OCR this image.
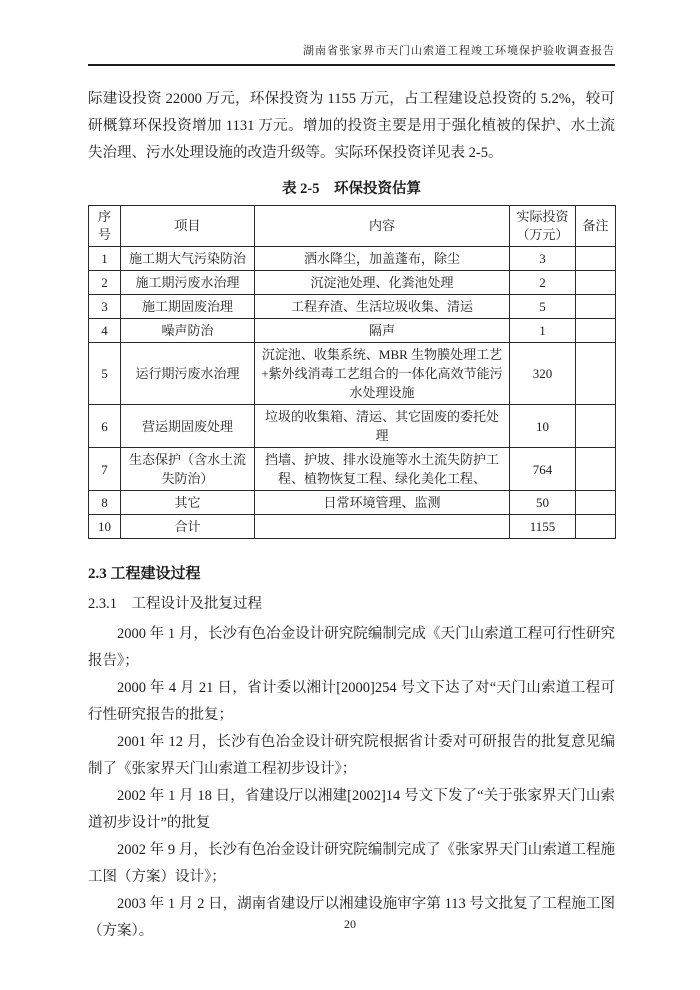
湖南省张家界市天门山索道工程竣工环境保护验收调查报告

际建设投资 22000 万元，环保投资为 1155 万元，占工程建设总投资的 5.2%，较可研概算环保投资增加 1131 万元。增加的投资主要是用于强化植被的保护、水土流失治理、污水处理设施的改造升级等。实际环保投资详见表 2-5。

表 2-5　环保投资估算
序号	项目	内容	实际投资（万元）	备注
1	施工期大气污染防治	洒水降尘，加盖蓬布，除尘	3	
2	施工期污废水治理	沉淀池处理、化粪池处理	2	
3	施工期固废治理	工程弃渣、生活垃圾收集、清运	5	
4	噪声防治	隔声	1	
5	运行期污废水治理	沉淀池、收集系统、MBR 生物膜处理工艺+紫外线消毒工艺组合的一体化高效节能污水处理设施	320	
6	营运期固废处理	垃圾的收集箱、清运、其它固废的委托处理	10	
7	生态保护（含水土流失防治）	挡墙、护坡、排水设施等水土流失防护工程、植物恢复工程、绿化美化工程、	764	
8	其它	日常环境管理、监测	50	
10	合计		1155	
2.3 工程建设过程
2.3.1　工程设计及批复过程

2000 年 1 月，长沙有色冶金设计研究院编制完成《天门山索道工程可行性研究报告》；

2000 年 4 月 21 日，省计委以湘计[2000]254 号文下达了对“天门山索道工程可行性研究报告的批复；

2001 年 12 月，长沙有色冶金设计研究院根据省计委对可研报告的批复意见编制了《张家界天门山索道工程初步设计》；

2002 年 1 月 18 日，省建设厅以湘建[2002]14 号文下发了“关于张家界天门山索道初步设计”的批复

2002 年 9 月，长沙有色冶金设计研究院编制完成了《张家界天门山索道工程施工图（方案）设计》；

2003 年 1 月 2 日，湖南省建设厅以湘建设施审字第 113 号文批复了工程施工图（方案）。	20
